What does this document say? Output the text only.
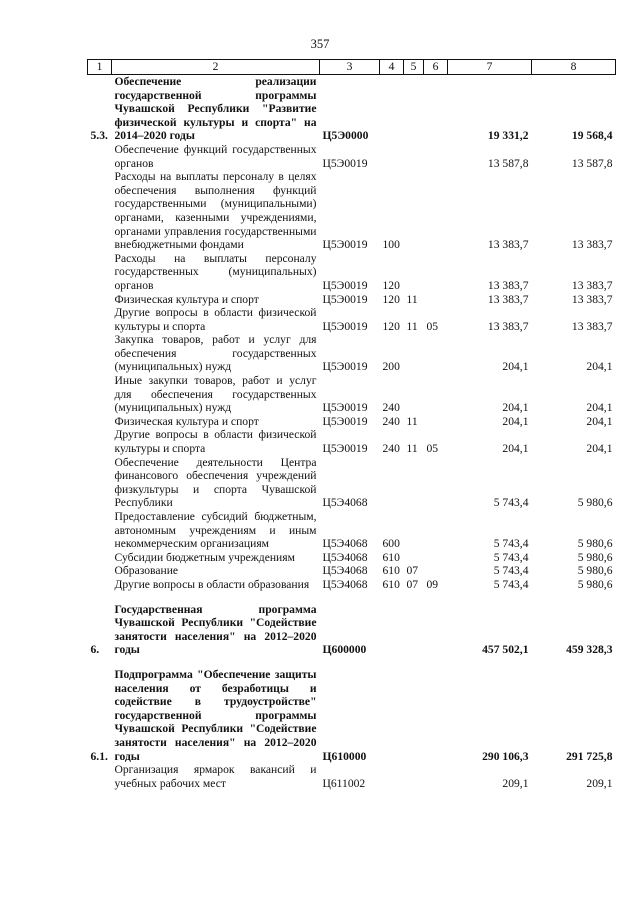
357
1	2	3	4	5	6	7	8
5.3.	Обеспечение реализации государственной программы Чувашской Республики "Развитие физической культуры и спорта" на 2014–2020 годы	Ц5Э0000				19 331,2	19 568,4
	Обеспечение функций государственных органов	Ц5Э0019				13 587,8	13 587,8
	Расходы на выплаты персоналу в целях обеспечения выполнения функций государственными (муниципальными) органами, казенными учреждениями, органами управления государственными внебюджетными фондами	Ц5Э0019	100			13 383,7	13 383,7
	Расходы на выплаты персоналу государственных (муниципальных) органов	Ц5Э0019	120			13 383,7	13 383,7
	Физическая культура и спорт	Ц5Э0019	120	11		13 383,7	13 383,7
	Другие вопросы в области физической культуры и спорта	Ц5Э0019	120	11	05	13 383,7	13 383,7
	Закупка товаров, работ и услуг для обеспечения государственных (муниципальных) нужд	Ц5Э0019	200			204,1	204,1
	Иные закупки товаров, работ и услуг для обеспечения государственных (муниципальных) нужд	Ц5Э0019	240			204,1	204,1
	Физическая культура и спорт	Ц5Э0019	240	11		204,1	204,1
	Другие вопросы в области физической культуры и спорта	Ц5Э0019	240	11	05	204,1	204,1
	Обеспечение деятельности Центра финансового обеспечения учреждений физкультуры и спорта Чувашской Республики	Ц5Э4068				5 743,4	5 980,6
	Предоставление субсидий бюджетным, автономным учреждениям и иным некоммерческим организациям	Ц5Э4068	600			5 743,4	5 980,6
	Субсидии бюджетным учреждениям	Ц5Э4068	610			5 743,4	5 980,6
	Образование	Ц5Э4068	610	07		5 743,4	5 980,6
	Другие вопросы в области образования	Ц5Э4068	610	07	09	5 743,4	5 980,6
6.	Государственная программа Чувашской Республики "Содействие занятости населения" на 2012–2020 годы	Ц600000				457 502,1	459 328,3
6.1.	Подпрограмма "Обеспечение защиты населения от безработицы и содействие в трудоустройстве" государственной программы Чувашской Республики "Содействие занятости населения" на 2012–2020 годы	Ц610000				290 106,3	291 725,8
	Организация ярмарок вакансий и учебных рабочих мест	Ц611002				209,1	209,1
